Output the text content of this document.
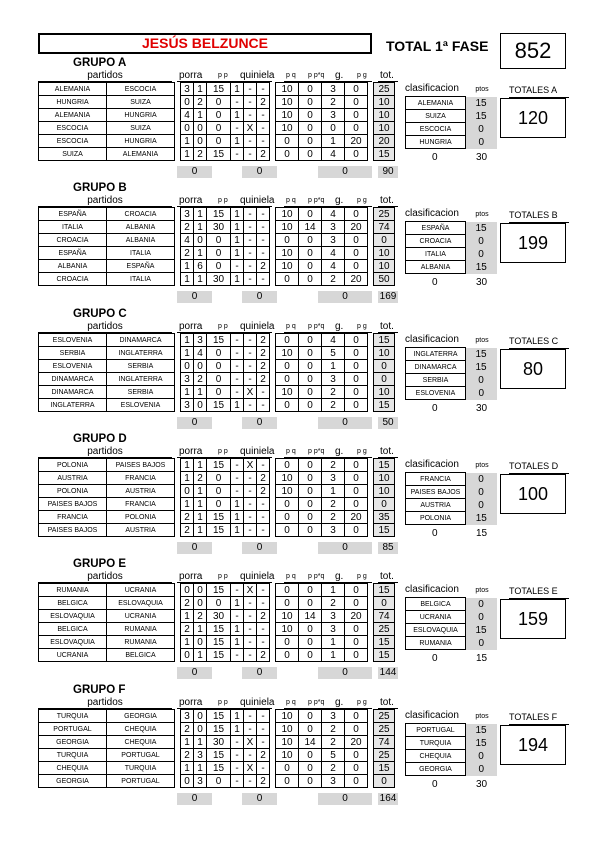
JESÚS BELZUNCE	TOTAL 1ª FASE	852
GRUPO A
partidos	porra p p quiniela p q p p*q g. p g tot.
ALEMANIA	ESCOCIA		3	1	15	1	-	-		10	0	3	0		25
HUNGRIA	SUIZA		0	2	0	-	-	2		10	0	2	0		10
ALEMANIA	HUNGRIA		4	1	0	1	-	-		10	0	3	0		10
ESCOCIA	SUIZA		0	0	0	-	X	-		10	0	0	0		10
ESCOCIA	HUNGRIA		1	0	0	1	-	-		0	0	1	20		20
SUIZA	ALEMANIA		1	2	15	-	-	2		0	0	4	0		15
0	0	0	90
clasificacion	ptos
ALEMANIA	15
SUIZA	15
ESCOCIA	0
HUNGRIA	0
0	30
TOTALES A
120
GRUPO B
partidos	porra p p quiniela p q p p*q g. p g tot.
ESPAÑA	CROACIA		3	1	15	1	-	-		10	0	4	0		25
ITALIA	ALBANIA		2	1	30	1	-	-		10	14	3	20		74
CROACIA	ALBANIA		4	0	0	1	-	-		0	0	3	0		0
ESPAÑA	ITALIA		2	1	0	1	-	-		10	0	4	0		10
ALBANIA	ESPAÑA		1	6	0	-	-	2		10	0	4	0		10
CROACIA	ITALIA		1	1	30	1	-	-		0	0	2	20		50
0	0	0	169
clasificacion	ptos
ESPAÑA	15
CROACIA	0
ITALIA	0
ALBANIA	15
0	30
TOTALES B
199
GRUPO C
partidos	porra p p quiniela p q p p*q g. p g tot.
ESLOVENIA	DINAMARCA		1	3	15	-	-	2		0	0	4	0		15
SERBIA	INGLATERRA		1	4	0	-	-	2		10	0	5	0		10
ESLOVENIA	SERBIA		0	0	0	-	-	2		0	0	1	0		0
DINAMARCA	INGLATERRA		3	2	0	-	-	2		0	0	3	0		0
DINAMARCA	SERBIA		1	1	0	-	X	-		10	0	2	0		10
INGLATERRA	ESLOVENIA		3	0	15	1	-	-		0	0	2	0		15
0	0	0	50
clasificacion	ptos
INGLATERRA	15
DINAMARCA	15
SERBIA	0
ESLOVENIA	0
0	30
TOTALES C
80
GRUPO D
partidos	porra p p quiniela p q p p*q g. p g tot.
POLONIA	PAISES BAJOS		1	1	15	-	X	-		0	0	2	0		15
AUSTRIA	FRANCIA		1	2	0	-	-	2		10	0	3	0		10
POLONIA	AUSTRIA		0	1	0	-	-	2		10	0	1	0		10
PAISES BAJOS	FRANCIA		1	1	0	1	-	-		0	0	2	0		0
FRANCIA	POLONIA		2	1	15	1	-	-		0	0	2	20		35
PAISES BAJOS	AUSTRIA		2	1	15	1	-	-		0	0	3	0		15
0	0	0	85
clasificacion	ptos
FRANCIA	0
PAISES BAJOS	0
AUSTRIA	0
POLONIA	15
0	15
TOTALES D
100
GRUPO E
partidos	porra p p quiniela p q p p*q g. p g tot.
RUMANIA	UCRANIA		0	0	15	-	X	-		0	0	1	0		15
BELGICA	ESLOVAQUIA		2	0	0	1	-	-		0	0	2	0		0
ESLOVAQUIA	UCRANIA		1	2	30	-	-	2		10	14	3	20		74
BELGICA	RUMANIA		2	1	15	1	-	-		10	0	3	0		25
ESLOVAQUIA	RUMANIA		1	0	15	1	-	-		0	0	1	0		15
UCRANIA	BELGICA		0	1	15	-	-	2		0	0	1	0		15
0	0	0	144
clasificacion	ptos
BELGICA	0
UCRANIA	0
ESLOVAQUIA	15
RUMANIA	0
0	15
TOTALES E
159
GRUPO F
partidos	porra p p quiniela p q p p*q g. p g tot.
TURQUIA	GEORGIA		3	0	15	1	-	-		10	0	3	0		25
PORTUGAL	CHEQUIA		2	0	15	1	-	-		10	0	2	0		25
GEORGIA	CHEQUIA		1	1	30	-	X	-		10	14	2	20		74
TURQUIA	PORTUGAL		2	3	15	-	-	2		10	0	5	0		25
CHEQUIA	TURQUIA		1	1	15	-	X	-		0	0	2	0		15
GEORGIA	PORTUGAL		0	3	0	-	-	2		0	0	3	0		0
0	0	0	164
clasificacion	ptos
PORTUGAL	15
TURQUIA	15
CHEQUIA	0
GEORGIA	0
0	30
TOTALES F
194
